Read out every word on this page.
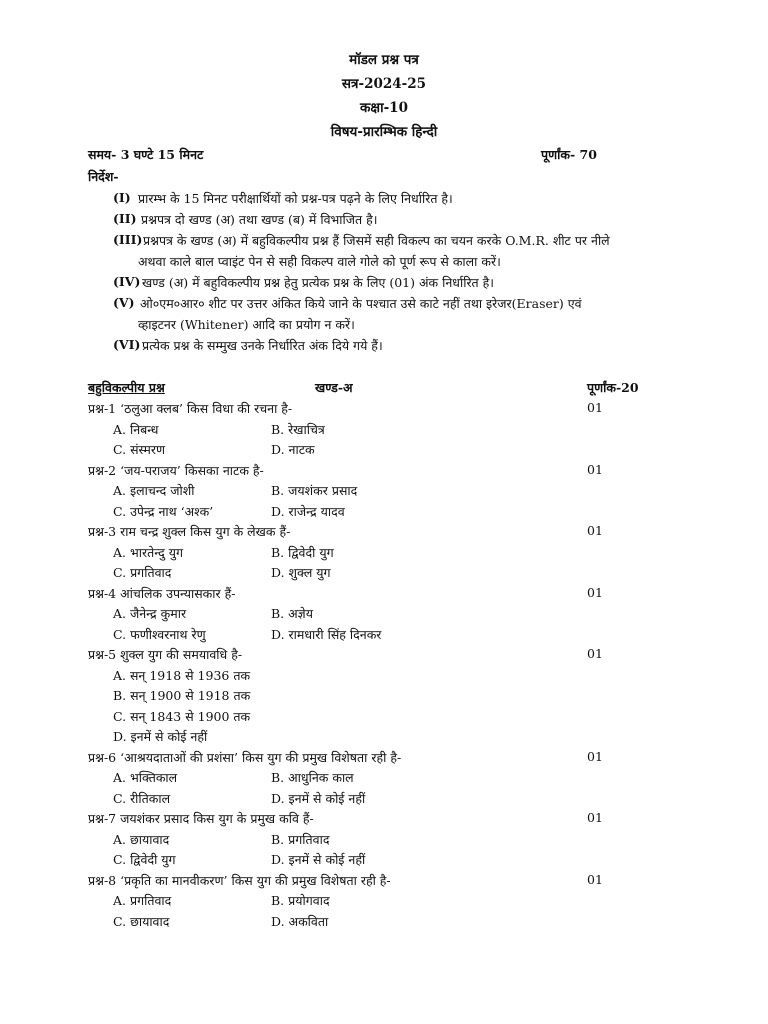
मॉडल प्रश्न पत्र
सत्र-2024-25
कक्षा-10
विषय-प्रारम्भिक हिन्दी
समय- 3 घण्टे 15 मिनट	पूर्णांक- 70
निर्देश-
(I) प्रारम्भ के 15 मिनट परीक्षार्थियों को प्रश्न-पत्र पढ़ने के लिए निर्धारित है।
(II) प्रश्नपत्र दो खण्ड (अ) तथा खण्ड (ब) में विभाजित है।
(III) प्रश्नपत्र के खण्ड (अ) में बहुविकल्पीय प्रश्न हैं जिसमें सही विकल्प का चयन करके O.M.R. शीट पर नीले
अथवा काले बाल प्वाइंट पेन से सही विकल्प वाले गोले को पूर्ण रूप से काला करें।
(IV) खण्ड (अ) में बहुविकल्पीय प्रश्न हेतु प्रत्येक प्रश्न के लिए (01) अंक निर्धारित है।
(V) ओ०एम०आर० शीट पर उत्तर अंकित किये जाने के पश्चात उसे काटे नहीं तथा इरेजर(Eraser) एवं
व्हाइटनर (Whitener) आदि का प्रयोग न करें।
(VI) प्रत्येक प्रश्न के सम्मुख उनके निर्धारित अंक दिये गये हैं।
बहुविकल्पीय प्रश्न	खण्ड-अ	पूर्णांक-20
प्रश्न-1 ‘ठलुआ क्लब’ किस विधा की रचना है-	01
A. निबन्ध	B. रेखाचित्र
C. संस्मरण	D. नाटक
प्रश्न-2 ‘जय-पराजय’ किसका नाटक है-	01
A. इलाचन्द जोशी	B. जयशंकर प्रसाद
C. उपेन्द्र नाथ ‘अश्क’	D. राजेन्द्र यादव
प्रश्न-3 राम चन्द्र शुक्ल किस युग के लेखक हैं-	01
A. भारतेन्दु युग	B. द्विवेदी युग
C. प्रगतिवाद	D. शुक्ल युग
प्रश्न-4 आंचलिक उपन्यासकार हैं-	01
A. जैनेन्द्र कुमार	B. अज्ञेय
C. फणीश्वरनाथ रेणु	D. रामधारी सिंह दिनकर
प्रश्न-5 शुक्ल युग की समयावधि है-	01
A. सन् 1918 से 1936 तक
B. सन् 1900 से 1918 तक
C. सन् 1843 से 1900 तक
D. इनमें से कोई नहीं
प्रश्न-6 ‘आश्रयदाताओं की प्रशंसा’ किस युग की प्रमुख विशेषता रही है-	01
A. भक्तिकाल	B. आधुनिक काल
C. रीतिकाल	D. इनमें से कोई नहीं
प्रश्न-7 जयशंकर प्रसाद किस युग के प्रमुख कवि हैं-	01
A. छायावाद	B. प्रगतिवाद
C. द्विवेदी युग	D. इनमें से कोई नहीं
प्रश्न-8 ‘प्रकृति का मानवीकरण’ किस युग की प्रमुख विशेषता रही है-	01
A. प्रगतिवाद	B. प्रयोगवाद
C. छायावाद	D. अकविता
